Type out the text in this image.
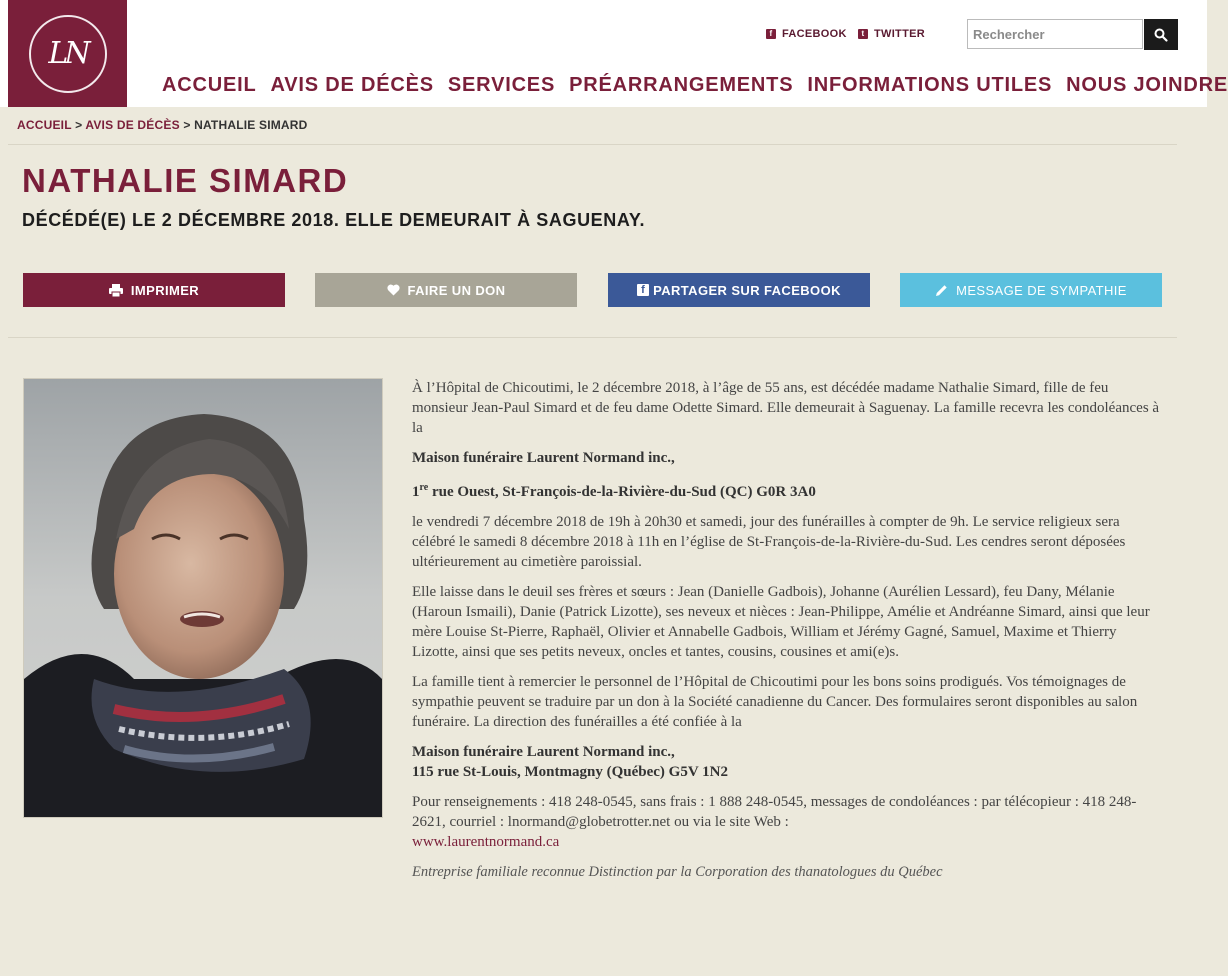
LN
f FACEBOOK	t TWITTER
Rechercher
ACCUEIL AVIS DE DÉCÈS SERVICES PRÉARRANGEMENTS INFORMATIONS UTILES NOUS JOINDRE
ACCUEIL > AVIS DE DÉCÈS > NATHALIE SIMARD
NATHALIE SIMARD
DÉCÉDÉ(E) LE 2 DÉCEMBRE 2018. ELLE DEMEURAIT À SAGUENAY.
IMPRIMER	FAIRE UN DON	f PARTAGER SUR FACEBOOK	MESSAGE DE SYMPATHIE

À l’Hôpital de Chicoutimi, le 2 décembre 2018, à l’âge de 55 ans, est décédée madame Nathalie Simard, fille de feu monsieur Jean-Paul Simard et de feu dame Odette Simard. Elle demeurait à Saguenay. La famille recevra les condoléances à la

Maison funéraire Laurent Normand inc.,

1re rue Ouest, St-François-de-la-Rivière-du-Sud (QC) G0R 3A0

le vendredi 7 décembre 2018 de 19h à 20h30 et samedi, jour des funérailles à compter de 9h. Le service religieux sera célébré le samedi 8 décembre 2018 à 11h en l’église de St-François-de-la-Rivière-du-Sud. Les cendres seront déposées ultérieurement au cimetière paroissial.

Elle laisse dans le deuil ses frères et sœurs : Jean (Danielle Gadbois), Johanne (Aurélien Lessard), feu Dany, Mélanie (Haroun Ismaili), Danie (Patrick Lizotte), ses neveux et nièces : Jean-Philippe, Amélie et Andréanne Simard, ainsi que leur mère Louise St-Pierre, Raphaël, Olivier et Annabelle Gadbois, William et Jérémy Gagné, Samuel, Maxime et Thierry Lizotte, ainsi que ses petits neveux, oncles et tantes, cousins, cousines et ami(e)s.

La famille tient à remercier le personnel de l’Hôpital de Chicoutimi pour les bons soins prodigués. Vos témoignages de sympathie peuvent se traduire par un don à la Société canadienne du Cancer. Des formulaires seront disponibles au salon funéraire. La direction des funérailles a été confiée à la

Maison funéraire Laurent Normand inc.,
115 rue St-Louis, Montmagny (Québec) G5V 1N2

Pour renseignements : 418 248-0545, sans frais : 1 888 248-0545, messages de condoléances : par télécopieur : 418 248-2621, courriel : lnormand@globetrotter.net ou via le site Web :
www.laurentnormand.ca

Entreprise familiale reconnue Distinction par la Corporation des thanatologues du Québec
